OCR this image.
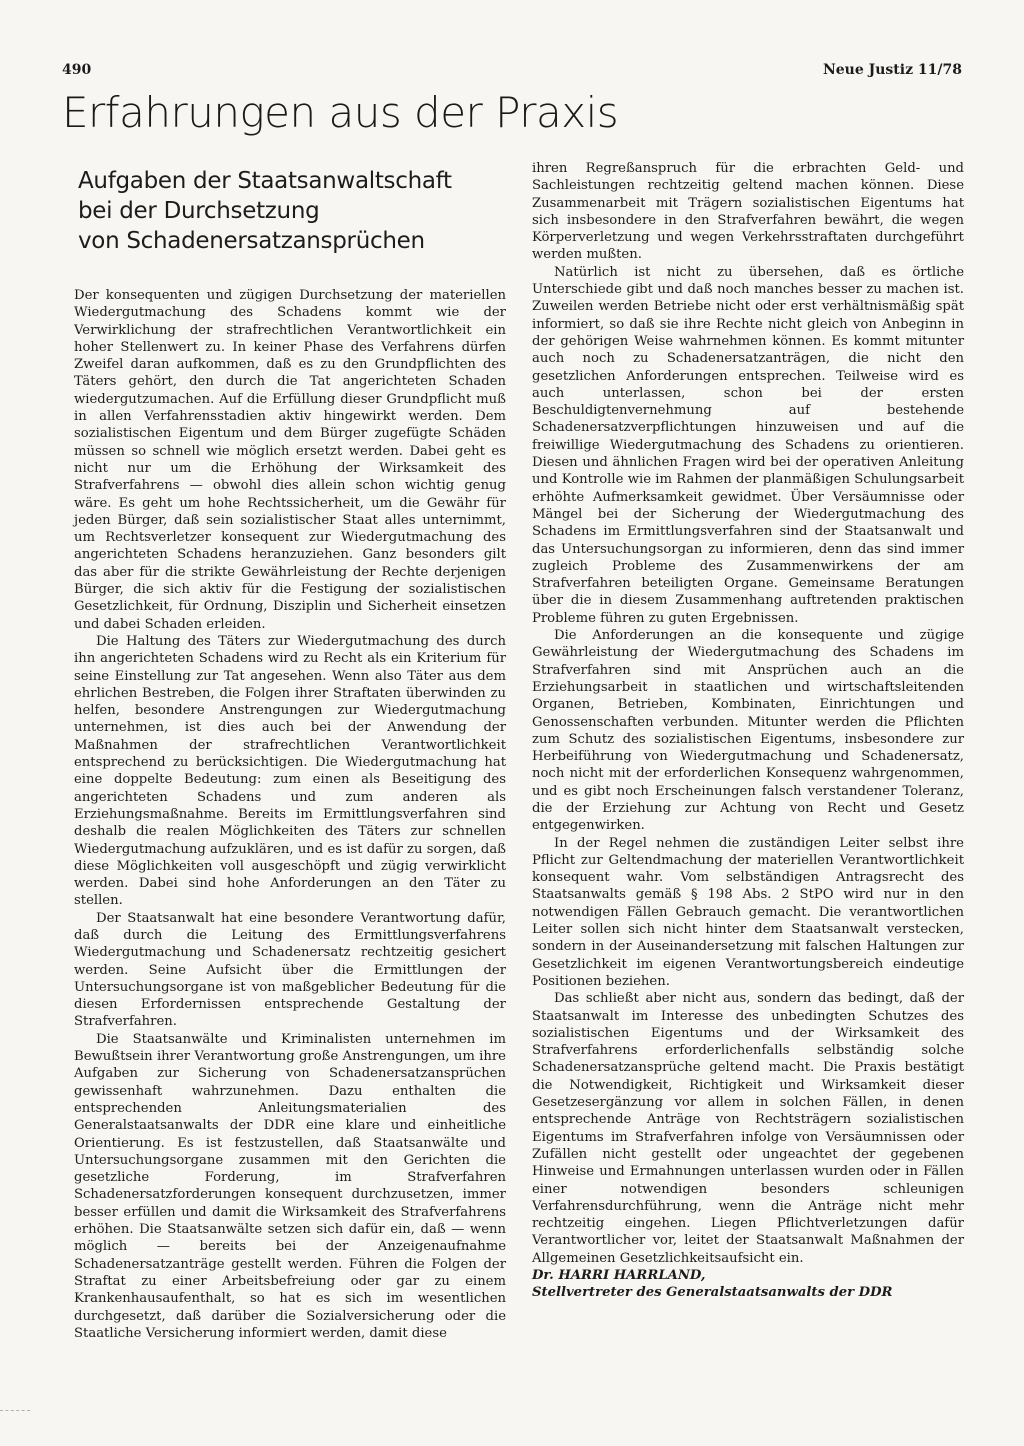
490	Neue Justiz 11/78
Erfahrungen aus der Praxis
Aufgaben der Staatsanwaltschaft
bei der Durchsetzung
von Schadenersatzansprüchen

Der konsequenten und zügigen Durchsetzung der materiellen Wiedergutmachung des Schadens kommt wie der Verwirklichung der strafrechtlichen Verantwortlichkeit ein hoher Stellenwert zu. In keiner Phase des Verfahrens dürfen Zweifel daran aufkommen, daß es zu den Grundpflichten des Täters gehört, den durch die Tat angerichteten Schaden wiedergutzumachen. Auf die Erfüllung dieser Grundpflicht muß in allen Verfahrensstadien aktiv hingewirkt werden. Dem sozialistischen Eigentum und dem Bürger zugefügte Schäden müssen so schnell wie möglich ersetzt werden. Dabei geht es nicht nur um die Erhöhung der Wirksamkeit des Strafverfahrens — obwohl dies allein schon wichtig genug wäre. Es geht um hohe Rechtssicherheit, um die Gewähr für jeden Bürger, daß sein sozialistischer Staat alles unternimmt, um Rechtsverletzer konsequent zur Wiedergutmachung des angerichteten Schadens heranzuziehen. Ganz besonders gilt das aber für die strikte Gewährleistung der Rechte derjenigen Bürger, die sich aktiv für die Festigung der sozialistischen Gesetzlichkeit, für Ordnung, Disziplin und Sicherheit einsetzen und dabei Schaden erleiden.

Die Haltung des Täters zur Wiedergutmachung des durch ihn angerichteten Schadens wird zu Recht als ein Kriterium für seine Einstellung zur Tat angesehen. Wenn also Täter aus dem ehrlichen Bestreben, die Folgen ihrer Straftaten überwinden zu helfen, besondere Anstrengungen zur Wiedergutmachung unternehmen, ist dies auch bei der Anwendung der Maßnahmen der strafrechtlichen Verantwortlichkeit entsprechend zu berücksichtigen. Die Wiedergutmachung hat eine doppelte Bedeutung: zum einen als Beseitigung des angerichteten Schadens und zum anderen als Erziehungsmaßnahme. Bereits im Ermittlungsverfahren sind deshalb die realen Möglichkeiten des Täters zur schnellen Wiedergutmachung aufzuklären, und es ist dafür zu sorgen, daß diese Möglichkeiten voll ausgeschöpft und zügig verwirklicht werden. Dabei sind hohe Anforderungen an den Täter zu stellen.

Der Staatsanwalt hat eine besondere Verantwortung dafür, daß durch die Leitung des Ermittlungsverfahrens Wiedergutmachung und Schadenersatz rechtzeitig gesichert werden. Seine Aufsicht über die Ermittlungen der Untersuchungsorgane ist von maßgeblicher Bedeutung für die diesen Erfordernissen entsprechende Gestaltung der Strafverfahren.

Die Staatsanwälte und Kriminalisten unternehmen im Bewußtsein ihrer Verantwortung große Anstrengungen, um ihre Aufgaben zur Sicherung von Schadenersatzansprüchen gewissenhaft wahrzunehmen. Dazu enthalten die entsprechenden Anleitungsmaterialien des Generalstaatsanwalts der DDR eine klare und einheitliche Orientierung. Es ist festzustellen, daß Staatsanwälte und Untersuchungsorgane zusammen mit den Gerichten die gesetzliche Forderung, im Strafverfahren Schadenersatzforderungen konsequent durchzusetzen, immer besser erfüllen und damit die Wirksamkeit des Strafverfahrens erhöhen. Die Staatsanwälte setzen sich dafür ein, daß — wenn möglich — bereits bei der Anzeigenaufnahme Schadenersatzanträge gestellt werden. Führen die Folgen der Straftat zu einer Arbeitsbefreiung oder gar zu einem Krankenhausaufenthalt, so hat es sich im wesentlichen durchgesetzt, daß darüber die Sozialversicherung oder die Staatliche Versicherung informiert werden, damit diese

ihren Regreßanspruch für die erbrachten Geld- und Sachleistungen rechtzeitig geltend machen können. Diese Zusammenarbeit mit Trägern sozialistischen Eigentums hat sich insbesondere in den Strafverfahren bewährt, die wegen Körperverletzung und wegen Verkehrsstraftaten durchgeführt werden mußten.

Natürlich ist nicht zu übersehen, daß es örtliche Unterschiede gibt und daß noch manches besser zu machen ist. Zuweilen werden Betriebe nicht oder erst verhältnismäßig spät informiert, so daß sie ihre Rechte nicht gleich von Anbeginn in der gehörigen Weise wahrnehmen können. Es kommt mitunter auch noch zu Schadenersatzanträgen, die nicht den gesetzlichen Anforderungen entsprechen. Teilweise wird es auch unterlassen, schon bei der ersten Beschuldigtenvernehmung auf bestehende Schadenersatzverpflichtungen hinzuweisen und auf die freiwillige Wiedergutmachung des Schadens zu orientieren. Diesen und ähnlichen Fragen wird bei der operativen Anleitung und Kontrolle wie im Rahmen der planmäßigen Schulungsarbeit erhöhte Aufmerksamkeit gewidmet. Über Versäumnisse oder Mängel bei der Sicherung der Wiedergutmachung des Schadens im Ermittlungsverfahren sind der Staatsanwalt und das Untersuchungsorgan zu informieren, denn das sind immer zugleich Probleme des Zusammenwirkens der am Strafverfahren beteiligten Organe. Gemeinsame Beratungen über die in diesem Zusammenhang auftretenden praktischen Probleme führen zu guten Ergebnissen.

Die Anforderungen an die konsequente und zügige Gewährleistung der Wiedergutmachung des Schadens im Strafverfahren sind mit Ansprüchen auch an die Erziehungsarbeit in staatlichen und wirtschaftsleitenden Organen, Betrieben, Kombinaten, Einrichtungen und Genossenschaften verbunden. Mitunter werden die Pflichten zum Schutz des sozialistischen Eigentums, insbesondere zur Herbeiführung von Wiedergutmachung und Schadenersatz, noch nicht mit der erforderlichen Konsequenz wahrgenommen, und es gibt noch Erscheinungen falsch verstandener Toleranz, die der Erziehung zur Achtung von Recht und Gesetz entgegenwirken.

In der Regel nehmen die zuständigen Leiter selbst ihre Pflicht zur Geltendmachung der materiellen Verantwortlichkeit konsequent wahr. Vom selbständigen Antragsrecht des Staatsanwalts gemäß § 198 Abs. 2 StPO wird nur in den notwendigen Fällen Gebrauch gemacht. Die verantwortlichen Leiter sollen sich nicht hinter dem Staatsanwalt verstecken, sondern in der Auseinandersetzung mit falschen Haltungen zur Gesetzlichkeit im eigenen Verantwortungsbereich eindeutige Positionen beziehen.

Das schließt aber nicht aus, sondern das bedingt, daß der Staatsanwalt im Interesse des unbedingten Schutzes des sozialistischen Eigentums und der Wirksamkeit des Strafverfahrens erforderlichenfalls selbständig solche Schadenersatzansprüche geltend macht. Die Praxis bestätigt die Notwendigkeit, Richtigkeit und Wirksamkeit dieser Gesetzesergänzung vor allem in solchen Fällen, in denen entsprechende Anträge von Rechtsträgern sozialistischen Eigentums im Strafverfahren infolge von Versäumnissen oder Zufällen nicht gestellt oder ungeachtet der gegebenen Hinweise und Ermahnungen unterlassen wurden oder in Fällen einer notwendigen besonders schleunigen Verfahrensdurchführung, wenn die Anträge nicht mehr rechtzeitig eingehen. Liegen Pflichtverletzungen dafür Verantwortlicher vor, leitet der Staatsanwalt Maßnahmen der Allgemeinen Gesetzlichkeitsaufsicht ein.

Dr. HARRI HARRLAND,
Stellvertreter des Generalstaatsanwalts der DDR
